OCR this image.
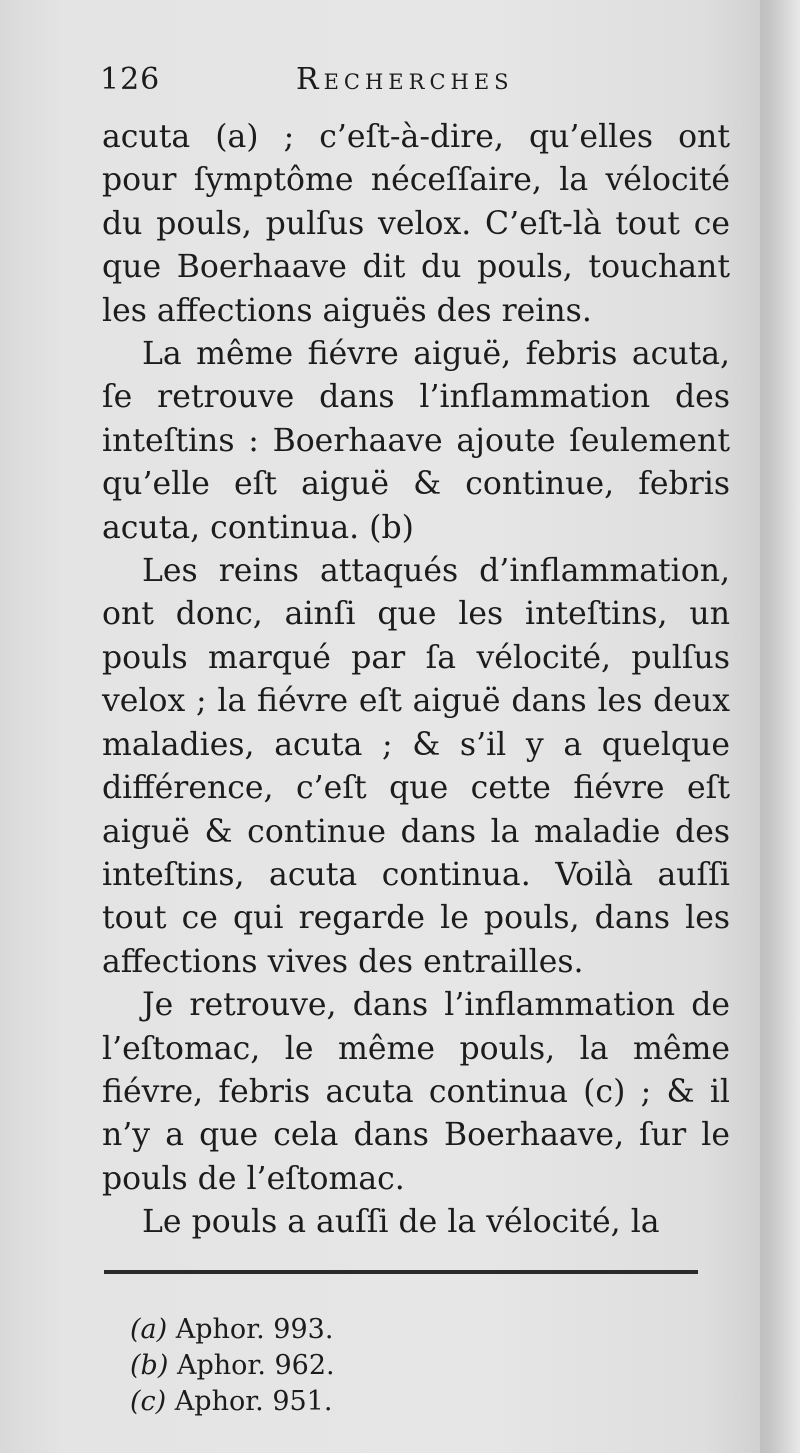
126	Recherches

acuta (a) ; c’eſt-à-dire, qu’elles ont pour ſymptôme néceſſaire, la vélocité du pouls, pulſus velox. C’eſt-là tout ce que Boerhaave dit du pouls, touchant les affections aiguës des reins.

La même fiévre aiguë, febris acuta, ſe retrouve dans l’inflammation des inteſtins : Boerhaave ajoute ſeulement qu’elle eſt aiguë & continue, febris acuta, continua. (b)

Les reins attaqués d’inflammation, ont donc, ainſi que les inteſtins, un pouls marqué par ſa vélocité, pulſus velox ; la fiévre eſt aiguë dans les deux maladies, acuta ; & s’il y a quelque différence, c’eſt que cette fiévre eſt aiguë & continue dans la maladie des inteſtins, acuta continua. Voilà auſſi tout ce qui regarde le pouls, dans les affections vives des entrailles.

Je retrouve, dans l’inflammation de l’eſtomac, le même pouls, la même fiévre, febris acuta continua (c) ; & il n’y a que cela dans Boerhaave, ſur le pouls de l’eſtomac.

Le pouls a auſſi de la vélocité, la

(a) Aphor. 993.
(b) Aphor. 962.
(c) Aphor. 951.
